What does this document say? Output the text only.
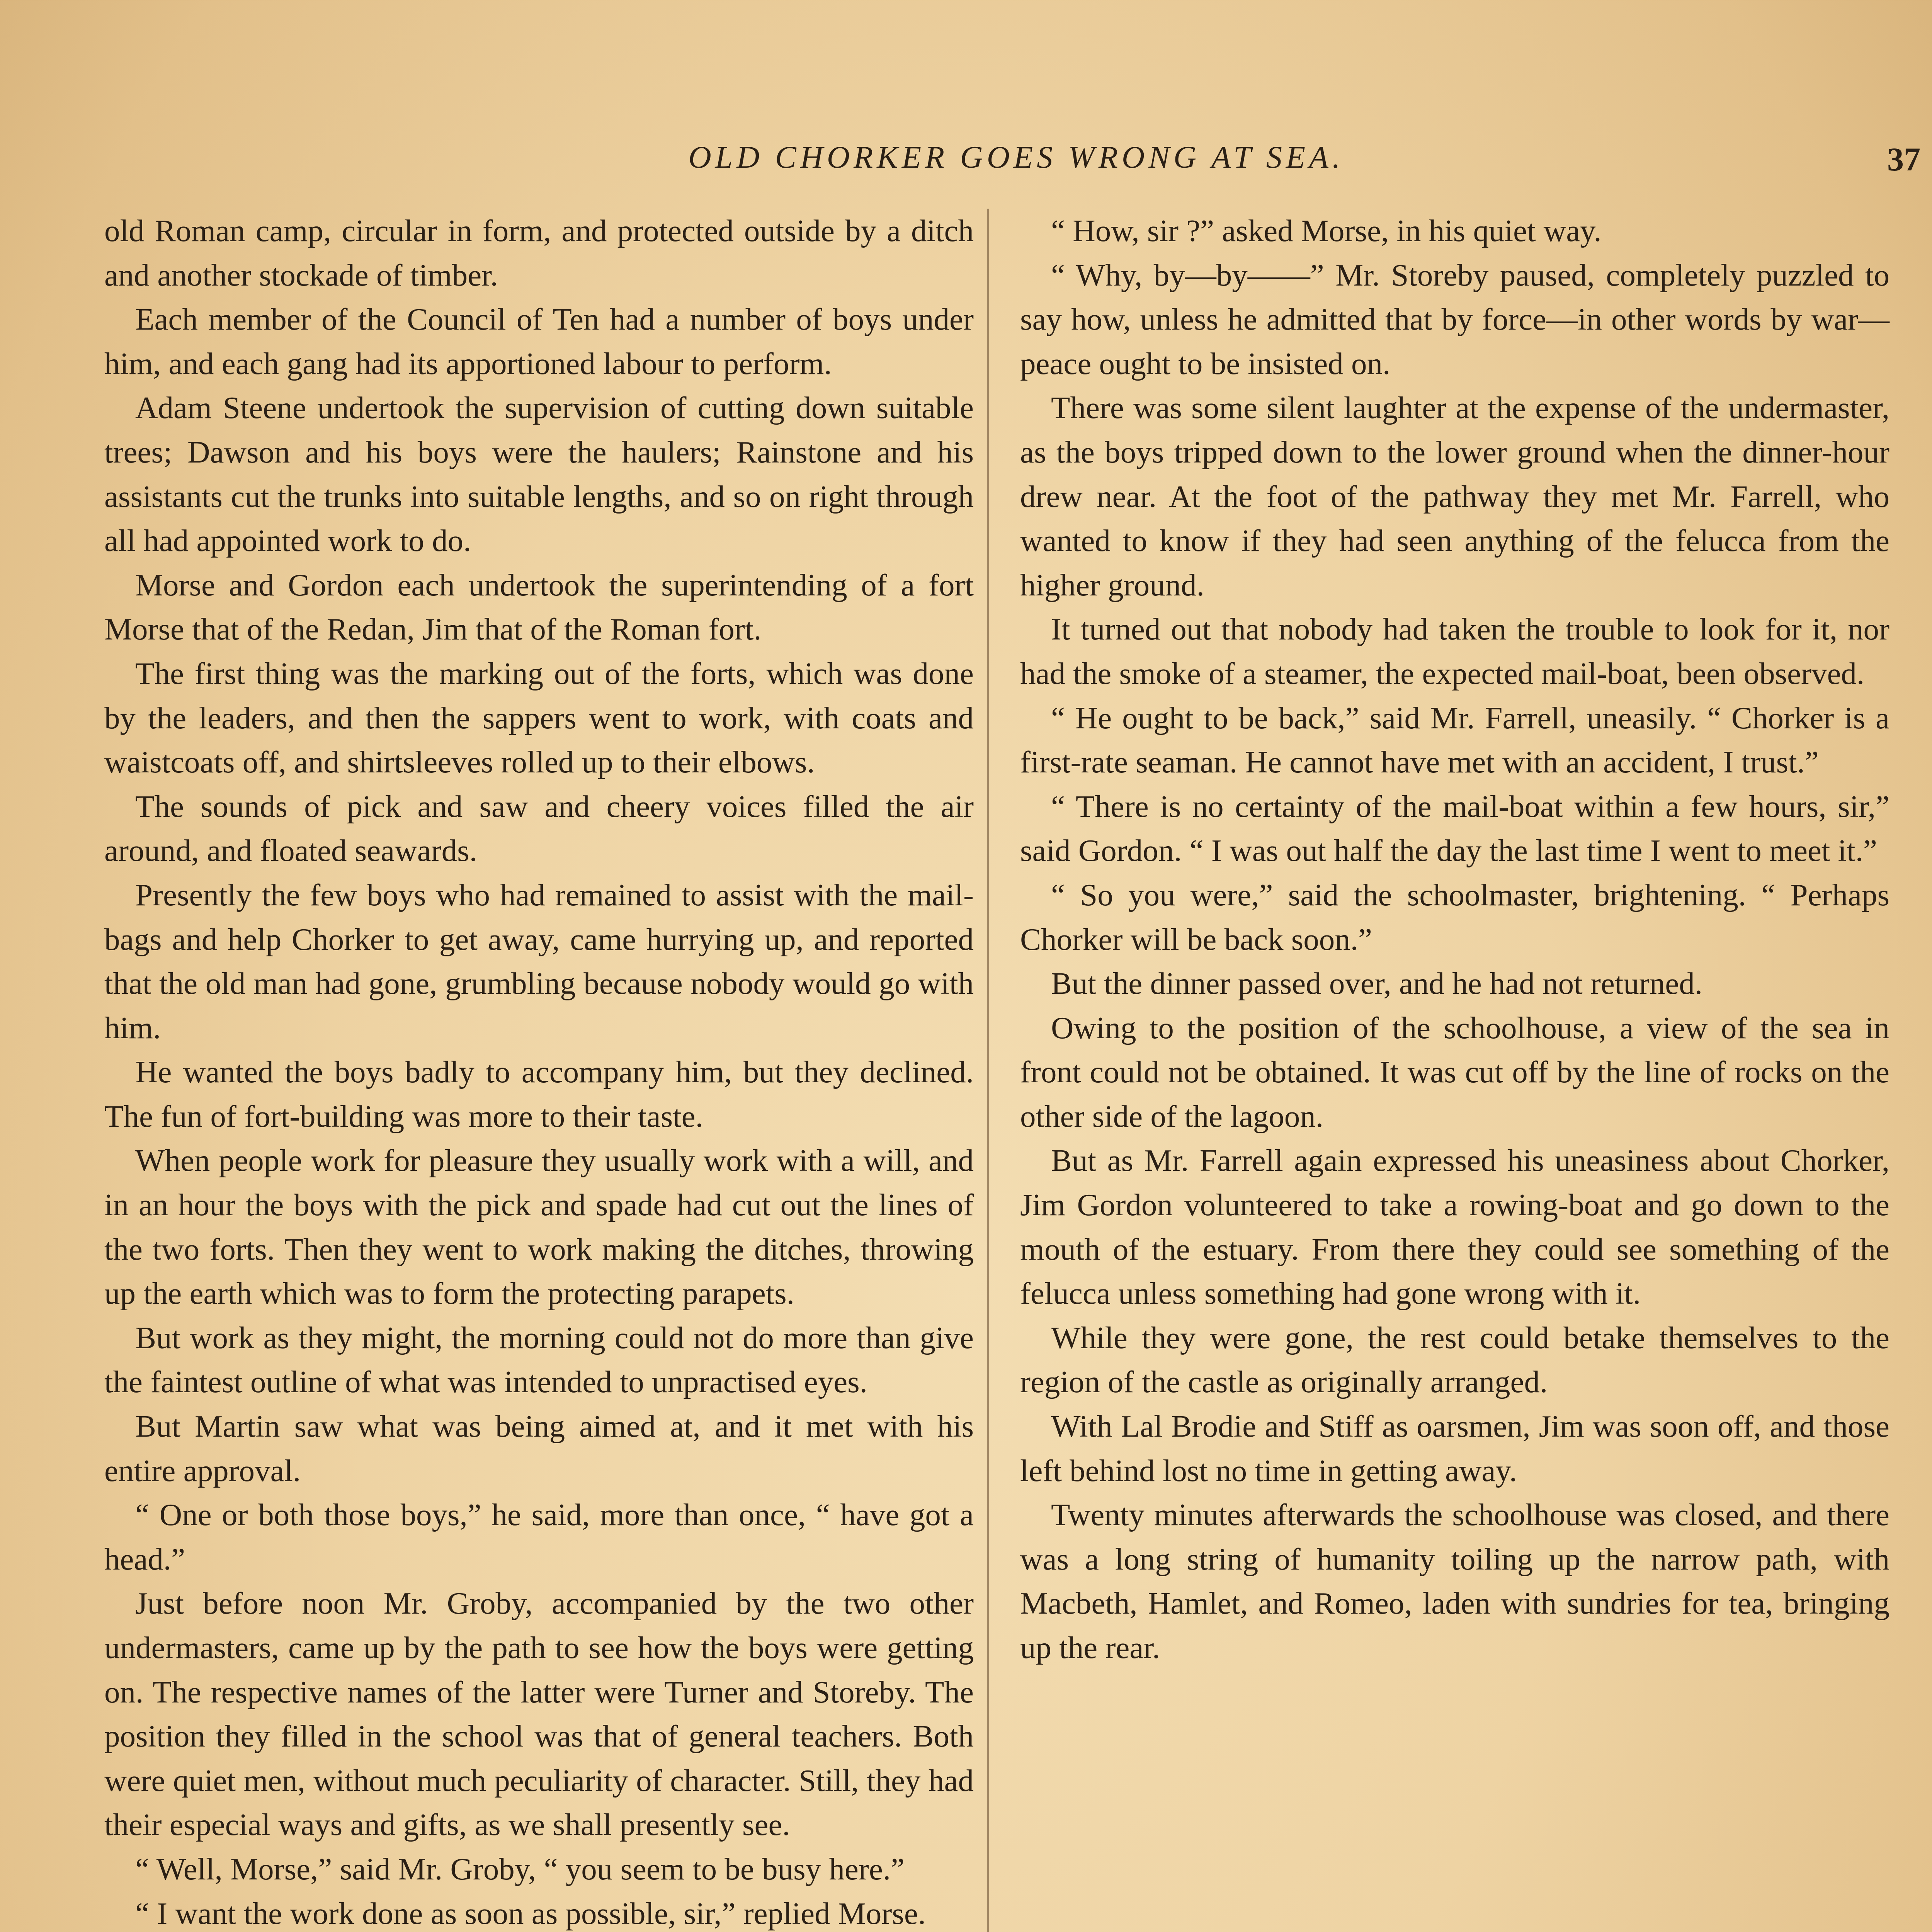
OLD CHORKER GOES WRONG AT SEA.	37

old Roman camp, circular in form, and protected outside by a ditch and another stockade of timber.

Each member of the Council of Ten had a number of boys under him, and each gang had its apportioned labour to perform.

Adam Steene undertook the supervision of cutting down suitable trees; Dawson and his boys were the haulers; Rainstone and his assistants cut the trunks into suitable lengths, and so on right through all had appointed work to do.

Morse and Gordon each undertook the superintending of a fort Morse that of the Redan, Jim that of the Roman fort.

The first thing was the marking out of the forts, which was done by the leaders, and then the sappers went to work, with coats and waistcoats off, and shirtsleeves rolled up to their elbows.

The sounds of pick and saw and cheery voices filled the air around, and floated seawards.

Presently the few boys who had remained to assist with the mail-bags and help Chorker to get away, came hurrying up, and reported that the old man had gone, grumbling because nobody would go with him.

He wanted the boys badly to accompany him, but they declined. The fun of fort-building was more to their taste.

When people work for pleasure they usually work with a will, and in an hour the boys with the pick and spade had cut out the lines of the two forts. Then they went to work making the ditches, throwing up the earth which was to form the protecting parapets.

But work as they might, the morning could not do more than give the faintest outline of what was intended to unpractised eyes.

But Martin saw what was being aimed at, and it met with his entire approval.

“ One or both those boys,” he said, more than once, “ have got a head.”

Just before noon Mr. Groby, accompanied by the two other undermasters, came up by the path to see how the boys were getting on. The respective names of the latter were Turner and Storeby. The position they filled in the school was that of general teachers. Both were quiet men, without much peculiarity of character. Still, they had their especial ways and gifts, as we shall presently see.

“ Well, Morse,” said Mr. Groby, “ you seem to be busy here.”

“ I want the work done as soon as possible, sir,” replied Morse.

“ How, sir ?” asked Morse, in his quiet way.

“ Why, by—by——” Mr. Storeby paused, completely puzzled to say how, unless he admitted that by force—in other words by war—peace ought to be insisted on.

There was some silent laughter at the expense of the undermaster, as the boys tripped down to the lower ground when the dinner-hour drew near. At the foot of the pathway they met Mr. Farrell, who wanted to know if they had seen anything of the felucca from the higher ground.

It turned out that nobody had taken the trouble to look for it, nor had the smoke of a steamer, the expected mail-boat, been observed.

“ He ought to be back,” said Mr. Farrell, uneasily. “ Chorker is a first-rate seaman. He cannot have met with an accident, I trust.”

“ There is no certainty of the mail-boat within a few hours, sir,” said Gordon. “ I was out half the day the last time I went to meet it.”

“ So you were,” said the schoolmaster, brightening. “ Perhaps Chorker will be back soon.”

But the dinner passed over, and he had not returned.

Owing to the position of the schoolhouse, a view of the sea in front could not be obtained. It was cut off by the line of rocks on the other side of the lagoon.

But as Mr. Farrell again expressed his uneasiness about Chorker, Jim Gordon volunteered to take a rowing-boat and go down to the mouth of the estuary. From there they could see something of the felucca unless something had gone wrong with it.

While they were gone, the rest could betake themselves to the region of the castle as originally arranged.

With Lal Brodie and Stiff as oarsmen, Jim was soon off, and those left behind lost no time in getting away.

Twenty minutes afterwards the schoolhouse was closed, and there was a long string of humanity toiling up the narrow path, with Macbeth, Hamlet, and Romeo, laden with sundries for tea, bringing up the rear.
